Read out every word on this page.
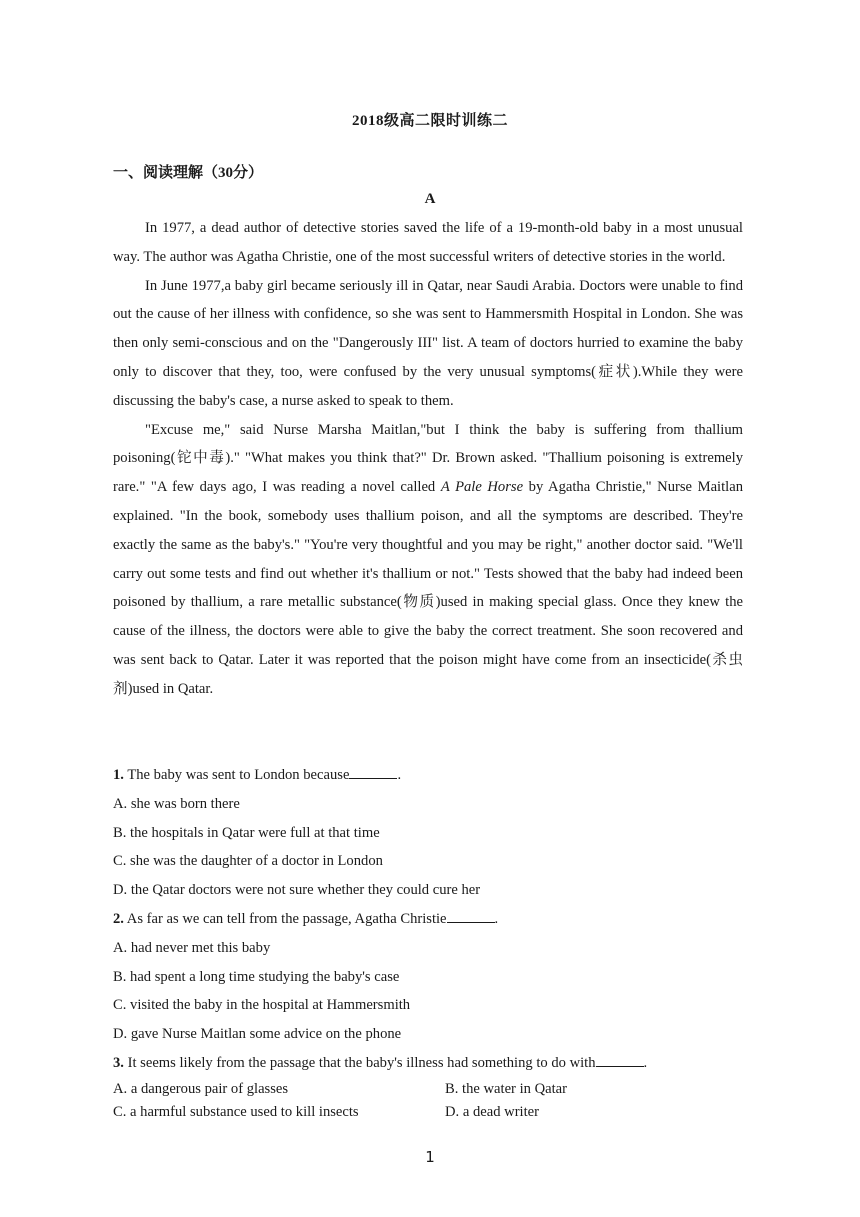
2018级高二限时训练二
一、阅读理解（30分）
A

In 1977, a dead author of detective stories saved the life of a 19-month-old baby in a most unusual way. The author was Agatha Christie, one of the most successful writers of detective stories in the world.

In June 1977,a baby girl became seriously ill in Qatar, near Saudi Arabia. Doctors were unable to find out the cause of her illness with confidence, so she was sent to Hammersmith Hospital in London. She was then only semi-conscious and on the "Dangerously III" list. A team of doctors hurried to examine the baby only to discover that they, too, were confused by the very unusual symptoms(症状).While they were discussing the baby's case, a nurse asked to speak to them.

"Excuse me," said Nurse Marsha Maitlan,"but I think the baby is suffering from thallium poisoning(铊中毒)." "What makes you think that?" Dr. Brown asked. "Thallium poisoning is extremely rare." "A few days ago, I was reading a novel called A Pale Horse by Agatha Christie," Nurse Maitlan explained. "In the book, somebody uses thallium poison, and all the symptoms are described. They're exactly the same as the baby's." "You're very thoughtful and you may be right," another doctor said. "We'll carry out some tests and find out whether it's thallium or not." Tests showed that the baby had indeed been poisoned by thallium, a rare metallic substance(物质)used in making special glass. Once they knew the cause of the illness, the doctors were able to give the baby the correct treatment. She soon recovered and was sent back to Qatar. Later it was reported that the poison might have come from an insecticide(杀虫剂)used in Qatar.

1. The baby was sent to London because	.
A. she was born there
B. the hospitals in Qatar were full at that time
C. she was the daughter of a doctor in London
D. the Qatar doctors were not sure whether they could cure her
2. As far as we can tell from the passage, Agatha Christie	.
A. had never met this baby
B. had spent a long time studying the baby's case
C. visited the baby in the hospital at Hammersmith
D. gave Nurse Maitlan some advice on the phone
3. It seems likely from the passage that the baby's illness had something to do with	.
A. a dangerous pair of glasses	B. the water in Qatar
C. a harmful substance used to kill insects	D. a dead writer
1
